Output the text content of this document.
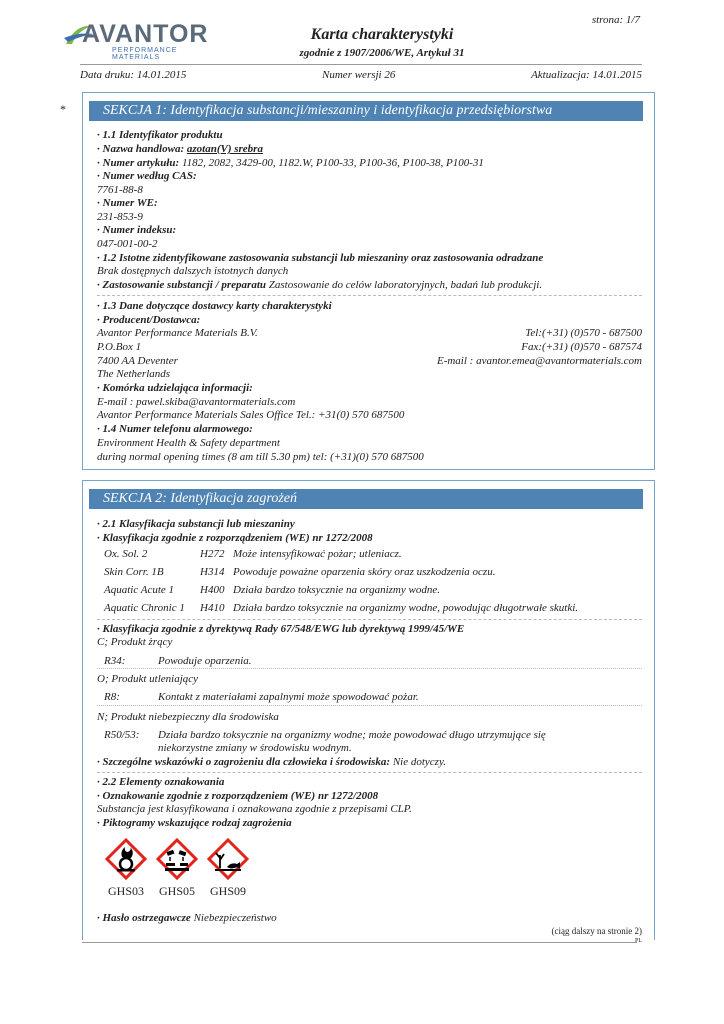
AVANTOR
PERFORMANCE MATERIALS
strona: 1/7
Karta charakterystyki
zgodnie z 1907/2006/WE, Artykuł 31
Data druku: 14.01.2015	Numer wersji 26	Aktualizacja: 14.01.2015
*	SEKCJA 1: Identyfikacja substancji/mieszaniny i identyfikacja przedsiębiorstwa
· 1.1 Identyfikator produktu
· Nazwa handlowa: azotan(V) srebra
· Numer artykułu: 1182, 2082, 3429-00, 1182.W, P100-33, P100-36, P100-38, P100-31
· Numer według CAS:
7761-88-8
· Numer WE:
231-853-9
· Numer indeksu:
047-001-00-2
· 1.2 Istotne zidentyfikowane zastosowania substancji lub mieszaniny oraz zastosowania odradzane
Brak dostępnych dalszych istotnych danych
· Zastosowanie substancji / preparatu Zastosowanie do celów laboratoryjnych, badań lub produkcji.
· 1.3 Dane dotyczące dostawcy karty charakterystyki
· Producent/Dostawca:
Avantor Performance Materials B.V.	Tel:(+31) (0)570 - 687500
P.O.Box 1	Fax:(+31) (0)570 - 687574
7400 AA Deventer	E-mail : avantor.emea@avantormaterials.com
The Netherlands
· Komórka udzielająca informacji:
E-mail : pawel.skiba@avantormaterials.com
Avantor Performance Materials Sales Office Tel.: +31(0) 570 687500
· 1.4 Numer telefonu alarmowego:
Environment Health & Safety department
during normal opening times (8 am till 5.30 pm) tel: (+31)(0) 570 687500
SEKCJA 2: Identyfikacja zagrożeń
· 2.1 Klasyfikacja substancji lub mieszaniny
· Klasyfikacja zgodnie z rozporządzeniem (WE) nr 1272/2008
Ox. Sol. 2	H272 Może intensyfikować pożar; utleniacz.
Skin Corr. 1B	H314 Powoduje poważne oparzenia skóry oraz uszkodzenia oczu.
Aquatic Acute 1 H400 Działa bardzo toksycznie na organizmy wodne.
Aquatic Chronic 1 H410 Działa bardzo toksycznie na organizmy wodne, powodując długotrwałe skutki.
· Klasyfikacja zgodnie z dyrektywą Rady 67/548/EWG lub dyrektywą 1999/45/WE
C; Produkt żrący
R34:	Powoduje oparzenia.
O; Produkt utleniający
R8:	Kontakt z materiałami zapalnymi może spowodować pożar.
N; Produkt niebezpieczny dla środowiska
R50/53: Działa bardzo toksycznie na organizmy wodne; może powodować długo utrzymujące się
niekorzystne zmiany w środowisku wodnym.
· Szczególne wskazówki o zagrożeniu dla człowieka i środowiska: Nie dotyczy.
· 2.2 Elementy oznakowania
· Oznakowanie zgodnie z rozporządzeniem (WE) nr 1272/2008
Substancja jest klasyfikowana i oznakowana zgodnie z przepisami CLP.
· Piktogramy wskazujące rodzaj zagrożenia
GHS03 GHS05 GHS09
· Hasło ostrzegawcze Niebezpieczeństwo
(ciąg dalszy na stronie 2)
PL
